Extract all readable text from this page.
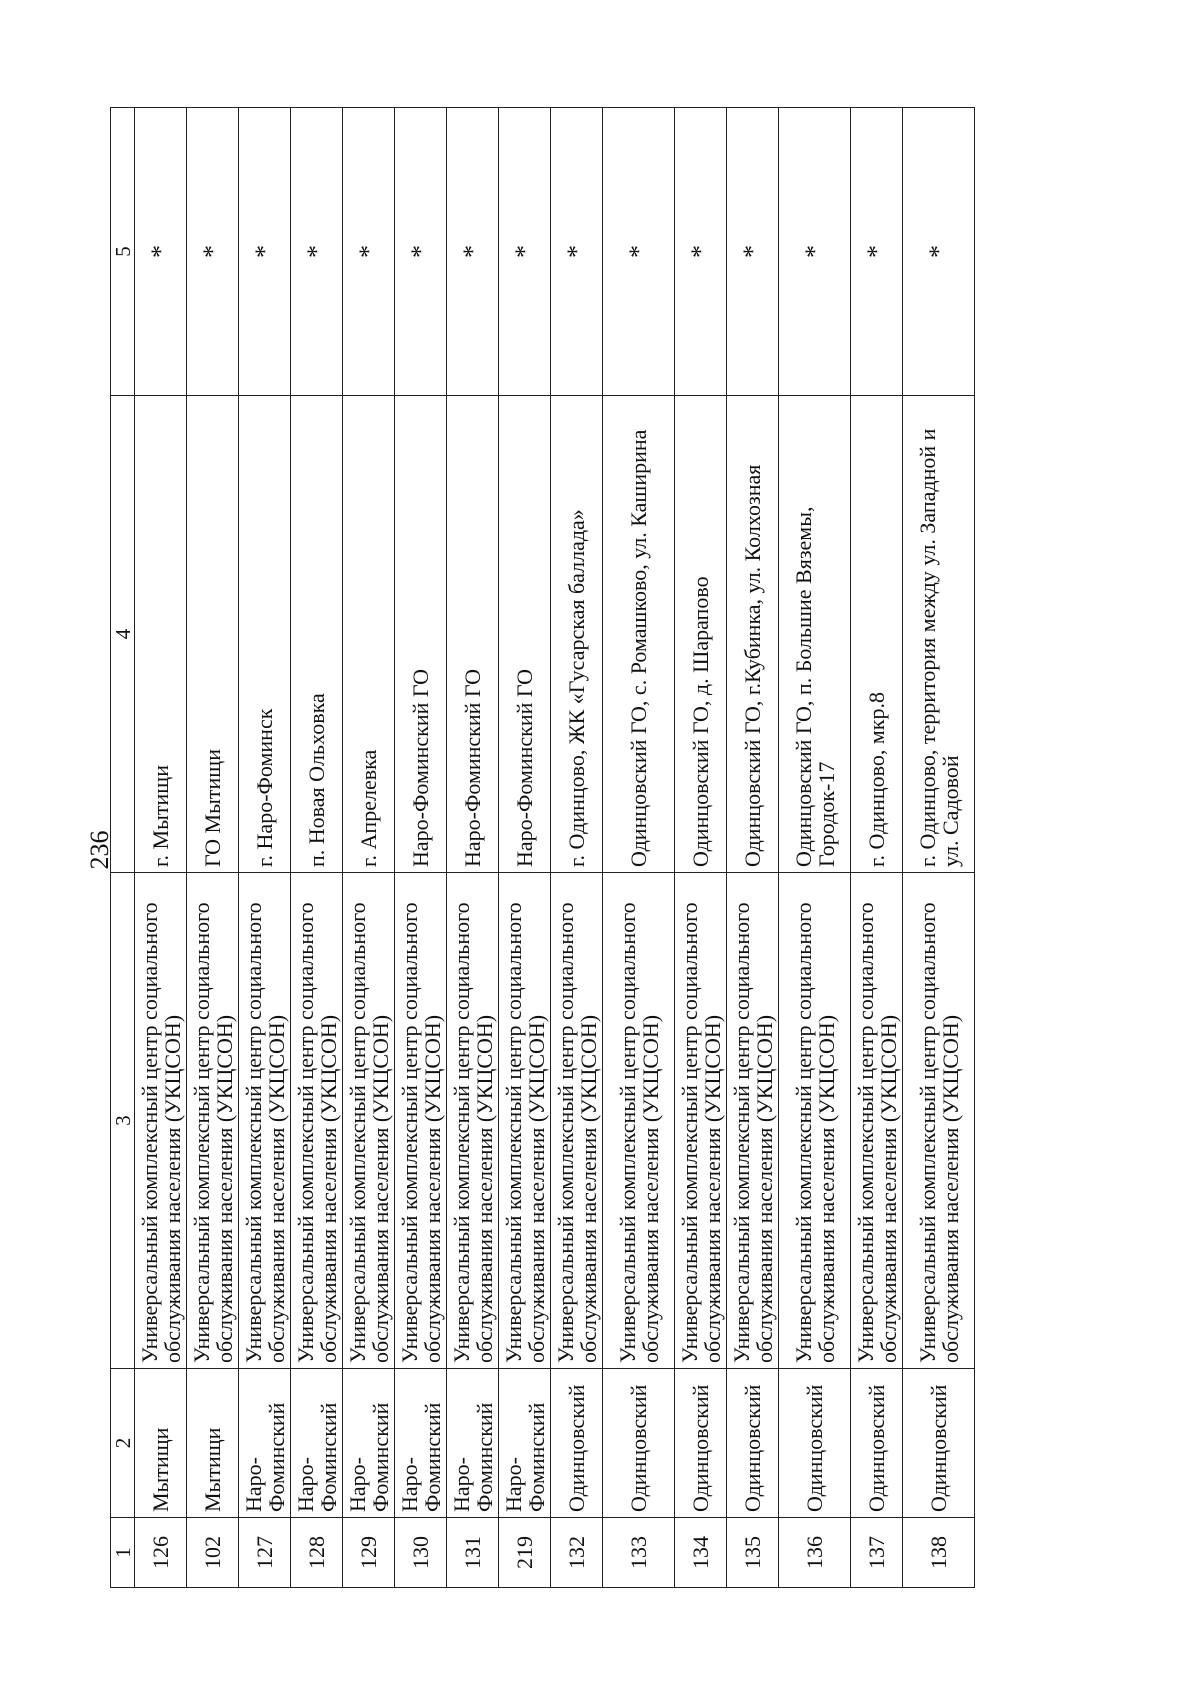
236
1	2	3	4	5
126	Мытищи	Универсальный комплексный центр социального обслуживания населения (УКЦСОН)	г. Мытищи	*
102	Мытищи	Универсальный комплексный центр социального обслуживания населения (УКЦСОН)	ГО Мытищи	*
127	Наро-Фоминский	Универсальный комплексный центр социального обслуживания населения (УКЦСОН)	г. Наро-Фоминск	*
128	Наро-Фоминский	Универсальный комплексный центр социального обслуживания населения (УКЦСОН)	п. Новая Ольховка	*
129	Наро-Фоминский	Универсальный комплексный центр социального обслуживания населения (УКЦСОН)	г. Апрелевка	*
130	Наро-Фоминский	Универсальный комплексный центр социального обслуживания населения (УКЦСОН)	Наро-Фоминский ГО	*
131	Наро-Фоминский	Универсальный комплексный центр социального обслуживания населения (УКЦСОН)	Наро-Фоминский ГО	*
219	Наро-Фоминский	Универсальный комплексный центр социального обслуживания населения (УКЦСОН)	Наро-Фоминский ГО	*
132	Одинцовский	Универсальный комплексный центр социального обслуживания населения (УКЦСОН)	г. Одинцово, ЖК «Гусарская баллада»	*
133	Одинцовский	Универсальный комплексный центр социального обслуживания населения (УКЦСОН)	Одинцовский ГО, с. Ромашково, ул. Каширина	*
134	Одинцовский	Универсальный комплексный центр социального обслуживания населения (УКЦСОН)	Одинцовский ГО, д. Шарапово	*
135	Одинцовский	Универсальный комплексный центр социального обслуживания населения (УКЦСОН)	Одинцовский ГО, г.Кубинка, ул. Колхозная	*
136	Одинцовский	Универсальный комплексный центр социального обслуживания населения (УКЦСОН)	Одинцовский ГО, п. Большие Вяземы, Городок-17	*
137	Одинцовский	Универсальный комплексный центр социального обслуживания населения (УКЦСОН)	г. Одинцово, мкр.8	*
138	Одинцовский	Универсальный комплексный центр социального обслуживания населения (УКЦСОН)	г. Одинцово, территория между ул. Западной и ул. Садовой	*
